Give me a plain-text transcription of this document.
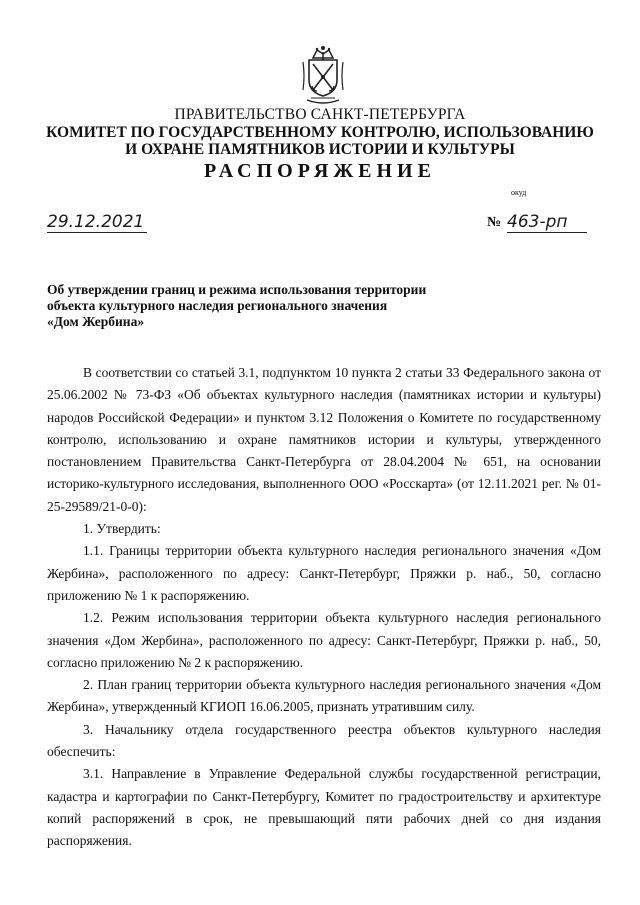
ПРАВИТЕЛЬСТВО САНКТ-ПЕТЕРБУРГА
КОМИТЕТ ПО ГОСУДАРСТВЕННОМУ КОНТРОЛЮ, ИСПОЛЬЗОВАНИЮ
И ОХРАНЕ ПАМЯТНИКОВ ИСТОРИИ И КУЛЬТУРЫ
РАСПОРЯЖЕНИЕ
окуд
29.12.2021	№ 463-рп
Об утверждении границ и режима использования территории
объекта культурного наследия регионального значения
«Дом Жербина»

В соответствии со статьей 3.1, подпунктом 10 пункта 2 статьи 33 Федерального закона от 25.06.2002 № 73-ФЗ «Об объектах культурного наследия (памятниках истории и культуры) народов Российской Федерации» и пунктом 3.12 Положения о Комитете по государственному контролю, использованию и охране памятников истории и культуры, утвержденного постановлением Правительства Санкт-Петербурга от 28.04.2004 № 651, на основании историко-культурного исследования, выполненного ООО «Росскарта» (от 12.11.2021 рег. № 01-25-29589/21-0-0):

1. Утвердить:

1.1. Границы территории объекта культурного наследия регионального значения «Дом Жербина», расположенного по адресу: Санкт-Петербург, Пряжки р. наб., 50, согласно приложению № 1 к распоряжению.

1.2. Режим использования территории объекта культурного наследия регионального значения «Дом Жербина», расположенного по адресу: Санкт-Петербург, Пряжки р. наб., 50, согласно приложению № 2 к распоряжению.

2. План границ территории объекта культурного наследия регионального значения «Дом Жербина», утвержденный КГИОП 16.06.2005, признать утратившим силу.

3. Начальнику отдела государственного реестра объектов культурного наследия обеспечить:

3.1. Направление в Управление Федеральной службы государственной регистрации, кадастра и картографии по Санкт-Петербургу, Комитет по градостроительству и архитектуре копий распоряжений в срок, не превышающий пяти рабочих дней со дня издания распоряжения.
